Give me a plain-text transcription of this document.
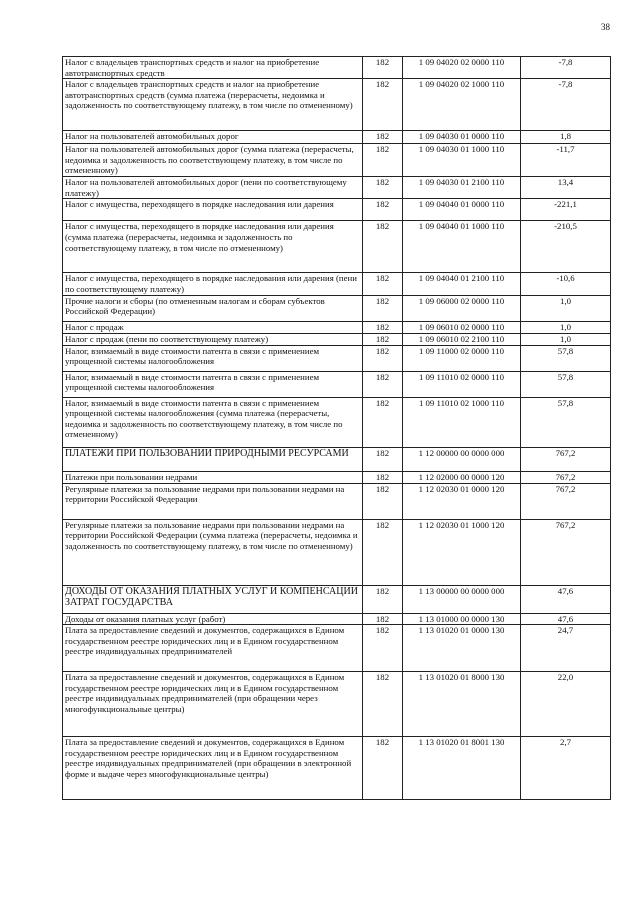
38
Налог с владельцев транспортных средств и налог на приобретение автотранспортных средств	182	1 09 04020 02 0000 110	-7,8
Налог с владельцев транспортных средств и налог на приобретение автотранспортных средств (сумма платежа (перерасчеты, недоимка и задолженность по соответствующему платежу, в том числе по отмененному)	182	1 09 04020 02 1000 110	-7,8
Налог на пользователей автомобильных дорог	182	1 09 04030 01 0000 110	1,8
Налог на пользователей автомобильных дорог (сумма платежа (перерасчеты, недоимка и задолженность по соответствующему платежу, в том числе по отмененному)	182	1 09 04030 01 1000 110	-11,7
Налог на пользователей автомобильных дорог (пени по соответствующему платежу)	182	1 09 04030 01 2100 110	13,4
Налог с имущества, переходящего в порядке наследования или дарения	182	1 09 04040 01 0000 110	-221,1
Налог с имущества, переходящего в порядке наследования или дарения (сумма платежа (перерасчеты, недоимка и задолженность по соответствующему платежу, в том числе по отмененному)	182	1 09 04040 01 1000 110	-210,5
Налог с имущества, переходящего в порядке наследования или дарения (пени по соответствующему платежу)	182	1 09 04040 01 2100 110	-10,6
Прочие налоги и сборы (по отмененным налогам и сборам субъектов Российской Федерации)	182	1 09 06000 02 0000 110	1,0
Налог с продаж	182	1 09 06010 02 0000 110	1,0
Налог с продаж (пени по соответствующему платежу)	182	1 09 06010 02 2100 110	1,0
Налог, взимаемый в виде стоимости патента в связи с применением упрощенной системы налогообложения	182	1 09 11000 02 0000 110	57,8
Налог, взимаемый в виде стоимости патента в связи с применением упрощенной системы налогообложения	182	1 09 11010 02 0000 110	57,8
Налог, взимаемый в виде стоимости патента в связи с применением упрощенной системы налогообложения (сумма платежа (перерасчеты, недоимка и задолженность по соответствующему платежу, в том числе по отмененному)	182	1 09 11010 02 1000 110	57,8
ПЛАТЕЖИ ПРИ ПОЛЬЗОВАНИИ ПРИРОДНЫМИ РЕСУРСАМИ	182	1 12 00000 00 0000 000	767,2
Платежи при пользовании недрами	182	1 12 02000 00 0000 120	767,2
Регулярные платежи за пользование недрами при пользовании недрами на территории Российской Федерации	182	1 12 02030 01 0000 120	767,2
Регулярные платежи за пользование недрами при пользовании недрами на территории Российской Федерации (сумма платежа (перерасчеты, недоимка и задолженность по соответствующему платежу, в том числе по отмененному)	182	1 12 02030 01 1000 120	767,2
ДОХОДЫ ОТ ОКАЗАНИЯ ПЛАТНЫХ УСЛУГ И КОМПЕНСАЦИИ ЗАТРАТ ГОСУДАРСТВА	182	1 13 00000 00 0000 000	47,6
Доходы от оказания платных услуг (работ)	182	1 13 01000 00 0000 130	47,6
Плата за предоставление сведений и документов, содержащихся в Едином государственном реестре юридических лиц и в Едином государственном реестре индивидуальных предпринимателей	182	1 13 01020 01 0000 130	24,7
Плата за предоставление сведений и документов, содержащихся в Едином государственном реестре юридических лиц и в Едином государственном реестре индивидуальных предпринимателей (при обращении через многофункциональные центры)	182	1 13 01020 01 8000 130	22,0
Плата за предоставление сведений и документов, содержащихся в Едином государственном реестре юридических лиц и в Едином государственном реестре индивидуальных предпринимателей (при обращении в электронной форме и выдаче через многофункциональные центры)	182	1 13 01020 01 8001 130	2,7
